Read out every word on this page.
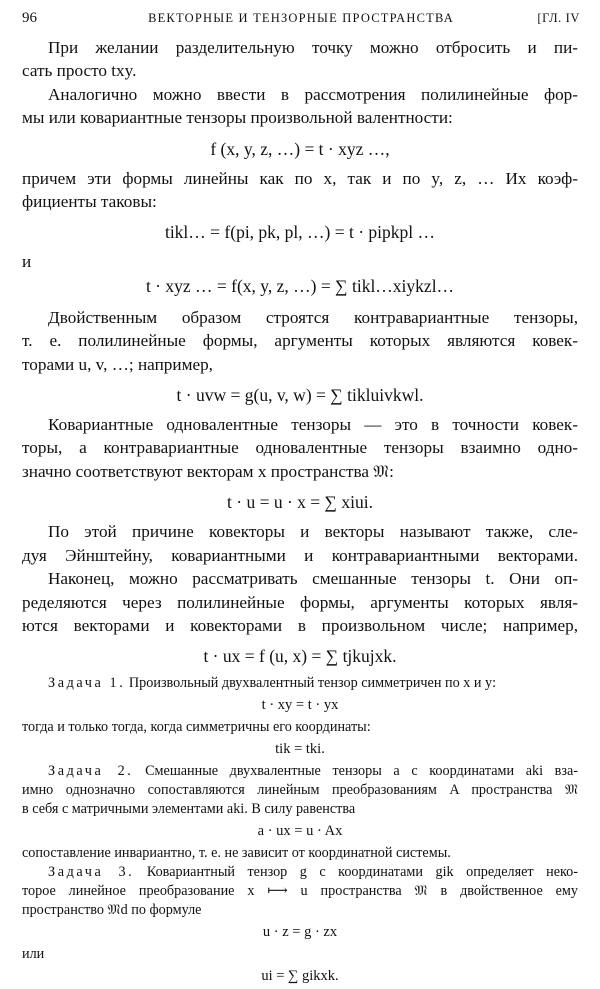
96	ВЕКТОРНЫЕ И ТЕНЗОРНЫЕ ПРОСТРАНСТВА	[ГЛ. IV
При желании разделительную точку можно отбросить и пи-
сать просто txy.
Аналогично можно ввести в рассмотрения полилинейные фор-
мы или ковариантные тензоры произвольной валентности:
f (x, y, z, …) = t · xyz …,
причем эти формы линейны как по x, так и по y, z, … Их коэф-
фициенты таковы:
tikl… = f(pi, pk, pl, …) = t · pipkpl …
и
t · xyz … = f(x, y, z, …) = ∑ tikl…xiykzl…
Двойственным образом строятся контравариантные тензоры,
т. е. полилинейные формы, аргументы которых являются ковек-
торами u, v, …; например,
t · uvw = g(u, v, w) = ∑ tikluivkwl.
Ковариантные одновалентные тензоры — это в точности ковек-
торы, а контравариантные одновалентные тензоры взаимно одно-
значно соответствуют векторам x пространства 𝔐:
t · u = u · x = ∑ xiui.
По этой причине ковекторы и векторы называют также, сле-
дуя Эйнштейну, ковариантными и контравариантными векторами.
Наконец, можно рассматривать смешанные тензоры t. Они оп-
ределяются через полилинейные формы, аргументы которых явля-
ются векторами и ковекторами в произвольном числе; например,
t · ux = f (u, x) = ∑ tjkujxk.
Задача 1. Произвольный двухвалентный тензор симметричен по x и y:
t · xy = t · yx
тогда и только тогда, когда симметричны его координаты:
tik = tki.
Задача 2. Смешанные двухвалентные тензоры a с координатами aki вза-
имно однозначно сопоставляются линейным преобразованиям A пространства 𝔐
в себя с матричными элементами aki. В силу равенства
a · ux = u · Ax
сопоставление инвариантно, т. е. не зависит от координатной системы.
Задача 3. Ковариантный тензор g с координатами gik определяет неко-
торое линейное преобразование x ⟼ u пространства 𝔐 в двойственное ему
пространство 𝔐d по формуле
u · z = g · zx
или
ui = ∑ gikxk.
